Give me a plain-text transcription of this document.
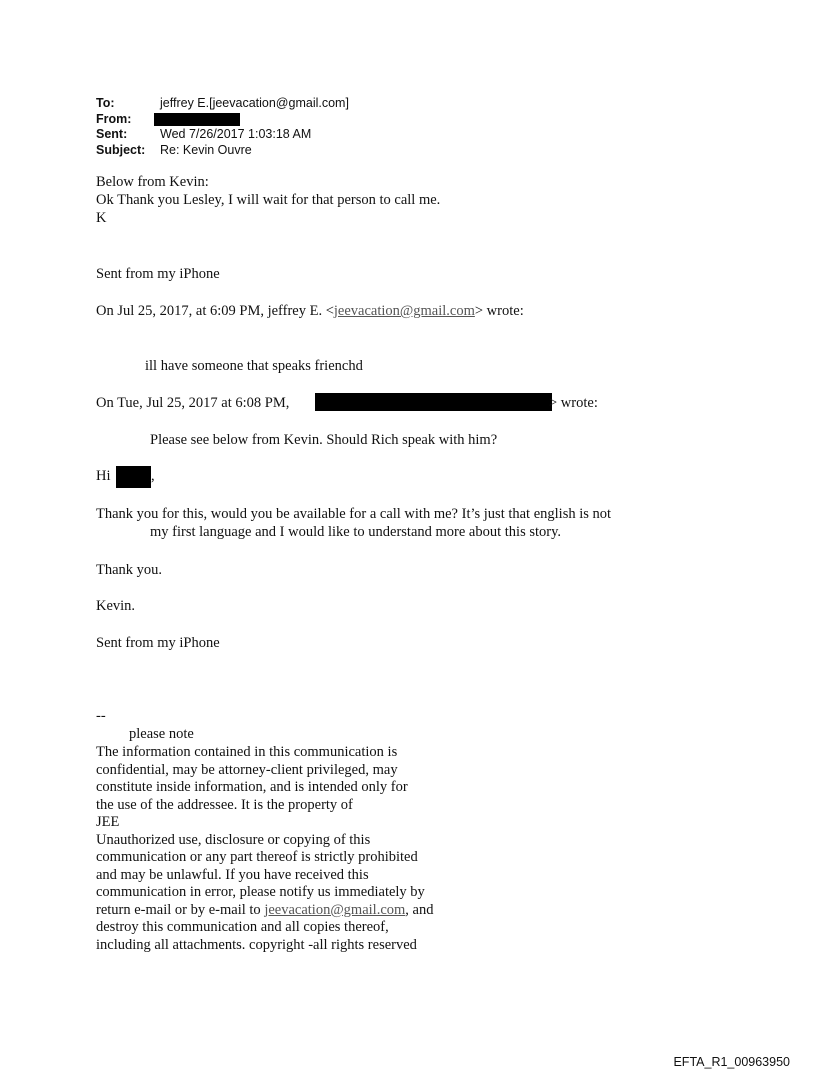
To:	jeffrey E.[jeevacation@gmail.com]
From:
Sent:	Wed 7/26/2017 1:03:18 AM
Subject:	Re: Kevin Ouvre
Below from Kevin:
Ok Thank you Lesley, I will wait for that person to call me.
K
Sent from my iPhone
On Jul 25, 2017, at 6:09 PM, jeffrey E. <jeevacation@gmail.com> wrote:
ill have someone that speaks frienchd
On Tue, Jul 25, 2017 at 6:08 PM,	> wrote:
Please see below from Kevin. Should Rich speak with him?
Hi	,
Thank you for this, would you be available for a call with me? It’s just that english is not
my first language and I would like to understand more about this story.
Thank you.
Kevin.
Sent from my iPhone
--
please note
The information contained in this communication is
confidential, may be attorney-client privileged, may
constitute inside information, and is intended only for
the use of the addressee. It is the property of
JEE
Unauthorized use, disclosure or copying of this
communication or any part thereof is strictly prohibited
and may be unlawful. If you have received this
communication in error, please notify us immediately by
return e-mail or by e-mail to jeevacation@gmail.com, and
destroy this communication and all copies thereof,
including all attachments. copyright -all rights reserved
EFTA_R1_00963950
